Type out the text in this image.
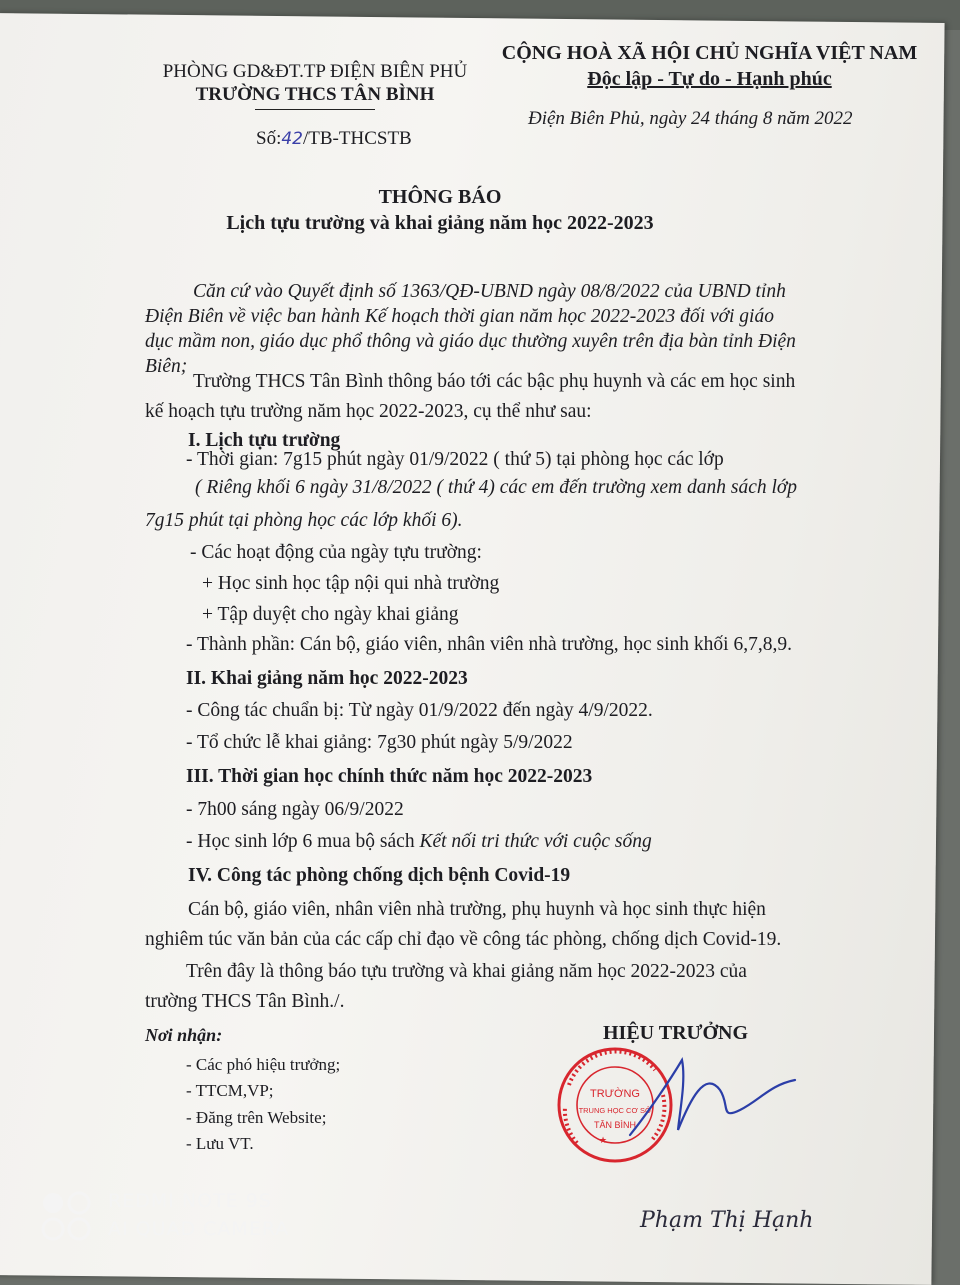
PHÒNG GD&ĐT.TP ĐIỆN BIÊN PHỦ
TRƯỜNG THCS TÂN BÌNH
CỘNG HOÀ XÃ HỘI CHỦ NGHĨA VIỆT NAM
Độc lập - Tự do - Hạnh phúc
Số:42/TB-THCSTB
Điện Biên Phủ, ngày 24 tháng 8 năm 2022
THÔNG BÁO
Lịch tựu trường và khai giảng năm học 2022-2023
Căn cứ vào Quyết định số 1363/QĐ-UBND ngày 08/8/2022 của UBND tỉnh
Điện Biên về việc ban hành Kế hoạch thời gian năm học 2022-2023 đối với giáo
dục mầm non, giáo dục phổ thông và giáo dục thường xuyên trên địa bàn tỉnh Điện
Biên;
Trường THCS Tân Bình thông báo tới các bậc phụ huynh và các em học sinh
kế hoạch tựu trường năm học 2022-2023, cụ thể như sau:
I. Lịch tựu trường
- Thời gian: 7g15 phút ngày 01/9/2022 ( thứ 5) tại phòng học các lớp
( Riêng khối 6 ngày 31/8/2022 ( thứ 4) các em đến trường xem danh sách lớp
7g15 phút tại phòng học các lớp khối 6).
- Các hoạt động của ngày tựu trường:
+ Học sinh học tập nội qui nhà trường
+ Tập duyệt cho ngày khai giảng
- Thành phần: Cán bộ, giáo viên, nhân viên nhà trường, học sinh khối 6,7,8,9.
II. Khai giảng năm học 2022-2023
- Công tác chuẩn bị: Từ ngày 01/9/2022 đến ngày 4/9/2022.
- Tổ chức lễ khai giảng: 7g30 phút ngày 5/9/2022
III. Thời gian học chính thức năm học 2022-2023
- 7h00 sáng ngày 06/9/2022
- Học sinh lớp 6 mua bộ sách Kết nối tri thức với cuộc sống
IV. Công tác phòng chống dịch bệnh Covid-19
Cán bộ, giáo viên, nhân viên nhà trường, phụ huynh và học sinh thực hiện
nghiêm túc văn bản của các cấp chỉ đạo về công tác phòng, chống dịch Covid-19.
Trên đây là thông báo tựu trường và khai giảng năm học 2022-2023 của
trường THCS Tân Bình./.
Nơi nhận:
- Các phó hiệu trưởng;
- TTCM,VP;
- Đăng trên Website;
- Lưu VT.
HIỆU TRƯỞNG
TRƯỜNG
TRUNG HỌC CƠ SỞ
TÂN BÌNH
★
Phạm Thị Hạnh
REDMI NOTE 9S
AI QUAD CAMERA
